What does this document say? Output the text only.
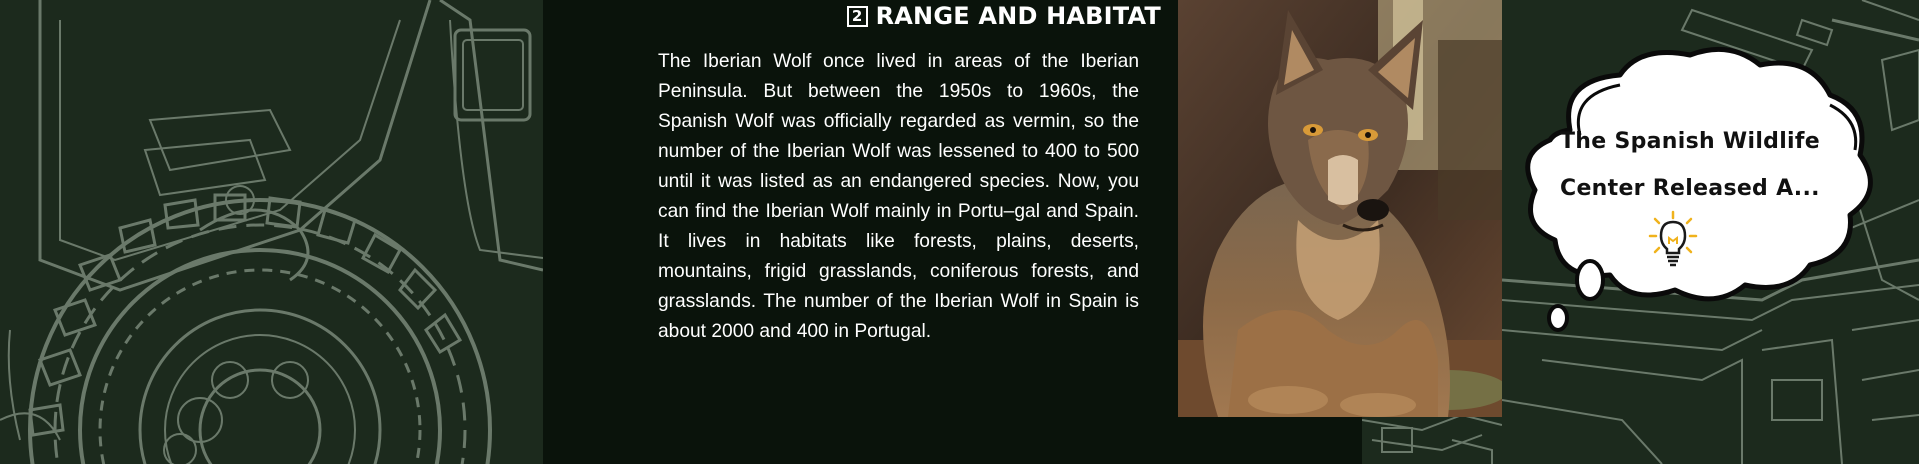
2 RANGE AND HABITAT

The Iberian Wolf once lived in areas of the Iberian Peninsula. But between the 1950s to 1960s, the Spanish Wolf was officially regarded as vermin, so the number of the Iberian Wolf was lessened to 400 to 500 until it was listed as an endangered species. Now, you can find the Iberian Wolf mainly in Portu–gal and Spain. It lives in habitats like forests, plains, deserts, mountains, frigid grasslands, coniferous forests, and grasslands. The number of the Iberian Wolf in Spain is about 2000 and 400 in Portugal.

The Spanish Wildlife Center Released A...
